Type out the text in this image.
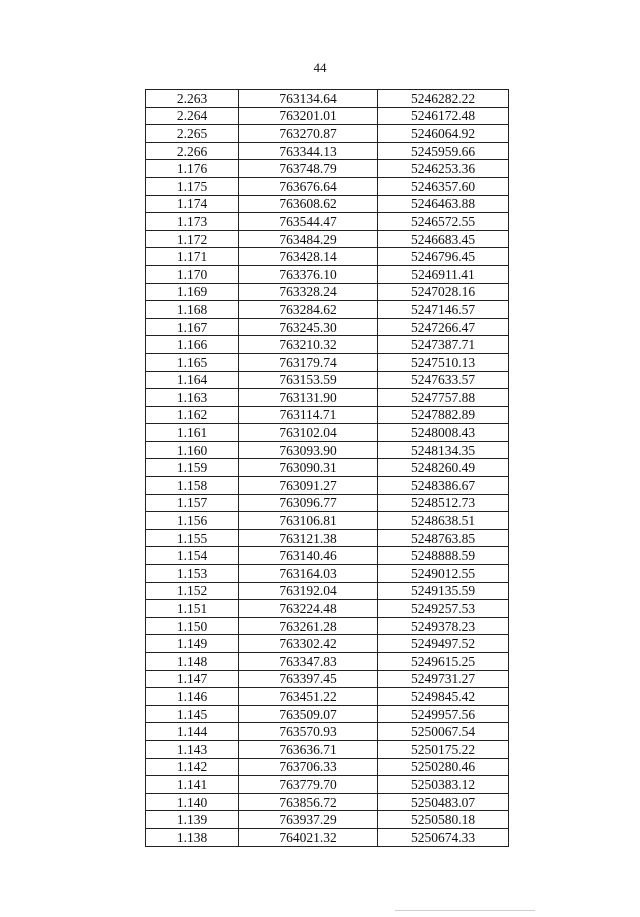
44
2.263	763134.64	5246282.22
2.264	763201.01	5246172.48
2.265	763270.87	5246064.92
2.266	763344.13	5245959.66
1.176	763748.79	5246253.36
1.175	763676.64	5246357.60
1.174	763608.62	5246463.88
1.173	763544.47	5246572.55
1.172	763484.29	5246683.45
1.171	763428.14	5246796.45
1.170	763376.10	5246911.41
1.169	763328.24	5247028.16
1.168	763284.62	5247146.57
1.167	763245.30	5247266.47
1.166	763210.32	5247387.71
1.165	763179.74	5247510.13
1.164	763153.59	5247633.57
1.163	763131.90	5247757.88
1.162	763114.71	5247882.89
1.161	763102.04	5248008.43
1.160	763093.90	5248134.35
1.159	763090.31	5248260.49
1.158	763091.27	5248386.67
1.157	763096.77	5248512.73
1.156	763106.81	5248638.51
1.155	763121.38	5248763.85
1.154	763140.46	5248888.59
1.153	763164.03	5249012.55
1.152	763192.04	5249135.59
1.151	763224.48	5249257.53
1.150	763261.28	5249378.23
1.149	763302.42	5249497.52
1.148	763347.83	5249615.25
1.147	763397.45	5249731.27
1.146	763451.22	5249845.42
1.145	763509.07	5249957.56
1.144	763570.93	5250067.54
1.143	763636.71	5250175.22
1.142	763706.33	5250280.46
1.141	763779.70	5250383.12
1.140	763856.72	5250483.07
1.139	763937.29	5250580.18
1.138	764021.32	5250674.33
